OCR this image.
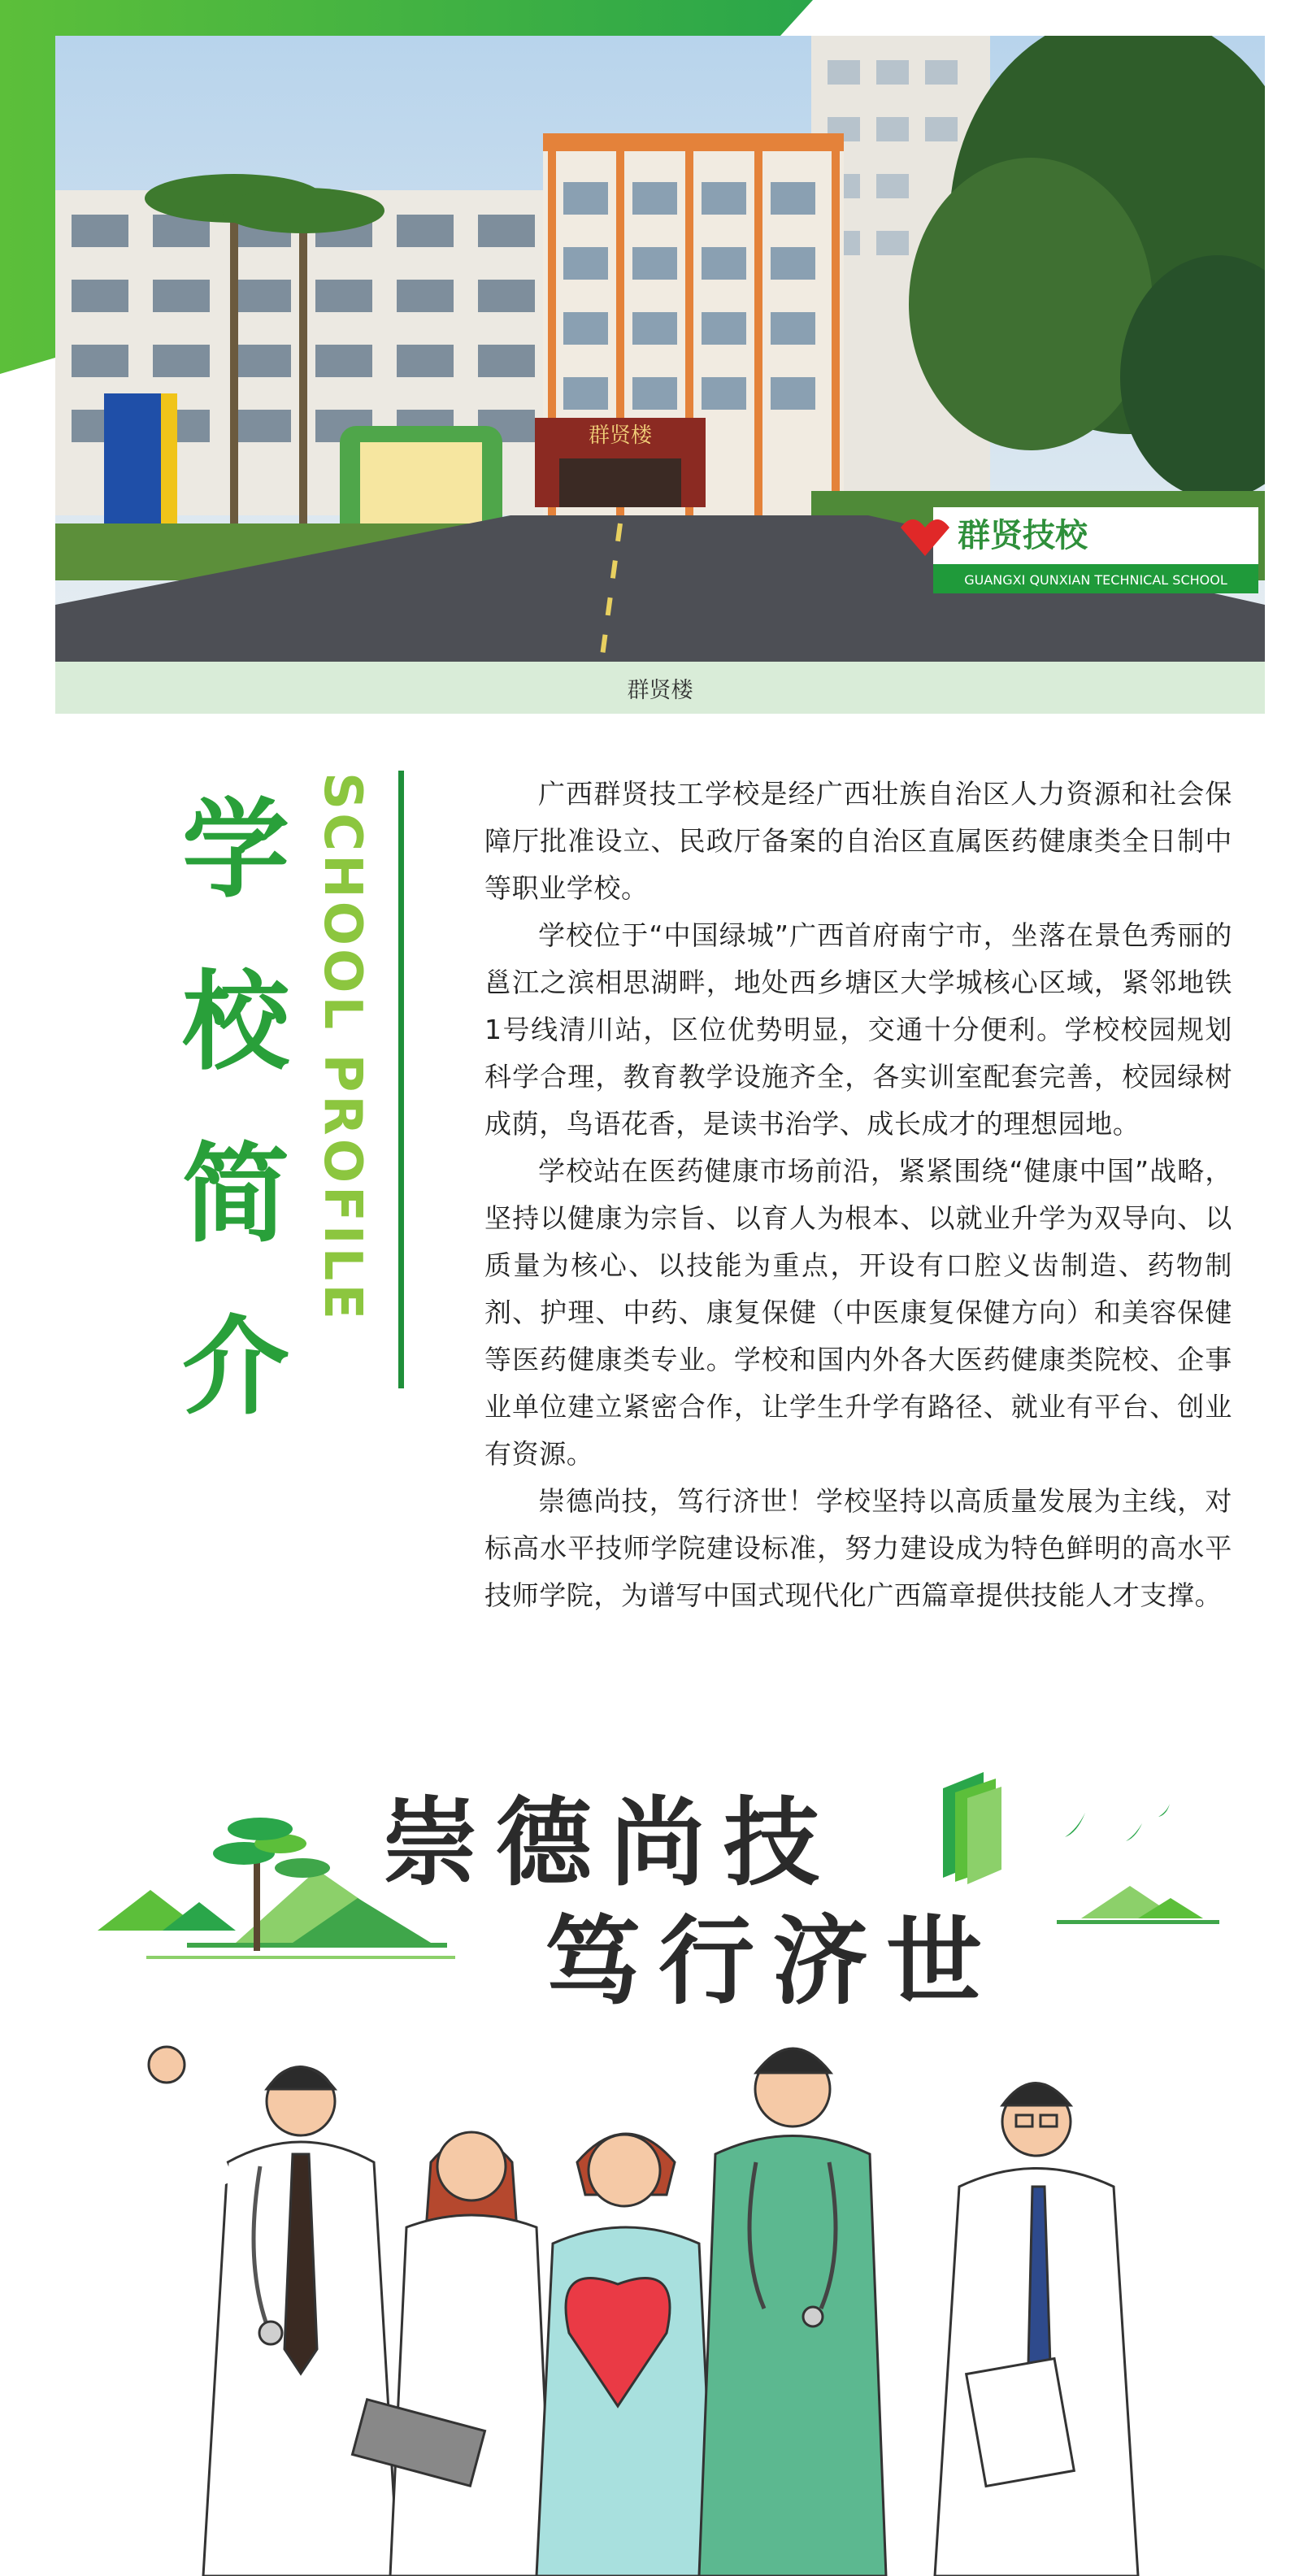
群贤楼
群贤技校
GUANGXI QUNXIAN TECHNICAL SCHOOL
群贤楼
学
校
简
介
SCHOOL PROFILE	广西群贤技工学校是经广西壮族自治区人力资源和社会保障厅批准设立、民政厅备案的自治区直属医药健康类全日制中等职业学校。

学校位于“中国绿城”广西首府南宁市，坐落在景色秀丽的邕江之滨相思湖畔，地处西乡塘区大学城核心区域，紧邻地铁1号线清川站，区位优势明显，交通十分便利。学校校园规划科学合理，教育教学设施齐全，各实训室配套完善，校园绿树成荫，鸟语花香，是读书治学、成长成才的理想园地。

学校站在医药健康市场前沿，紧紧围绕“健康中国”战略，坚持以健康为宗旨、以育人为根本、以就业升学为双导向、以质量为核心、以技能为重点，开设有口腔义齿制造、药物制剂、护理、中药、康复保健（中医康复保健方向）和美容保健等医药健康类专业。学校和国内外各大医药健康类院校、企事业单位建立紧密合作，让学生升学有路径、就业有平台、创业有资源。

崇德尚技，笃行济世！学校坚持以高质量发展为主线，对标高水平技师学院建设标准，努力建设成为特色鲜明的高水平技师学院，为谱写中国式现代化广西篇章提供技能人才支撑。

崇德尚技
笃行济世
